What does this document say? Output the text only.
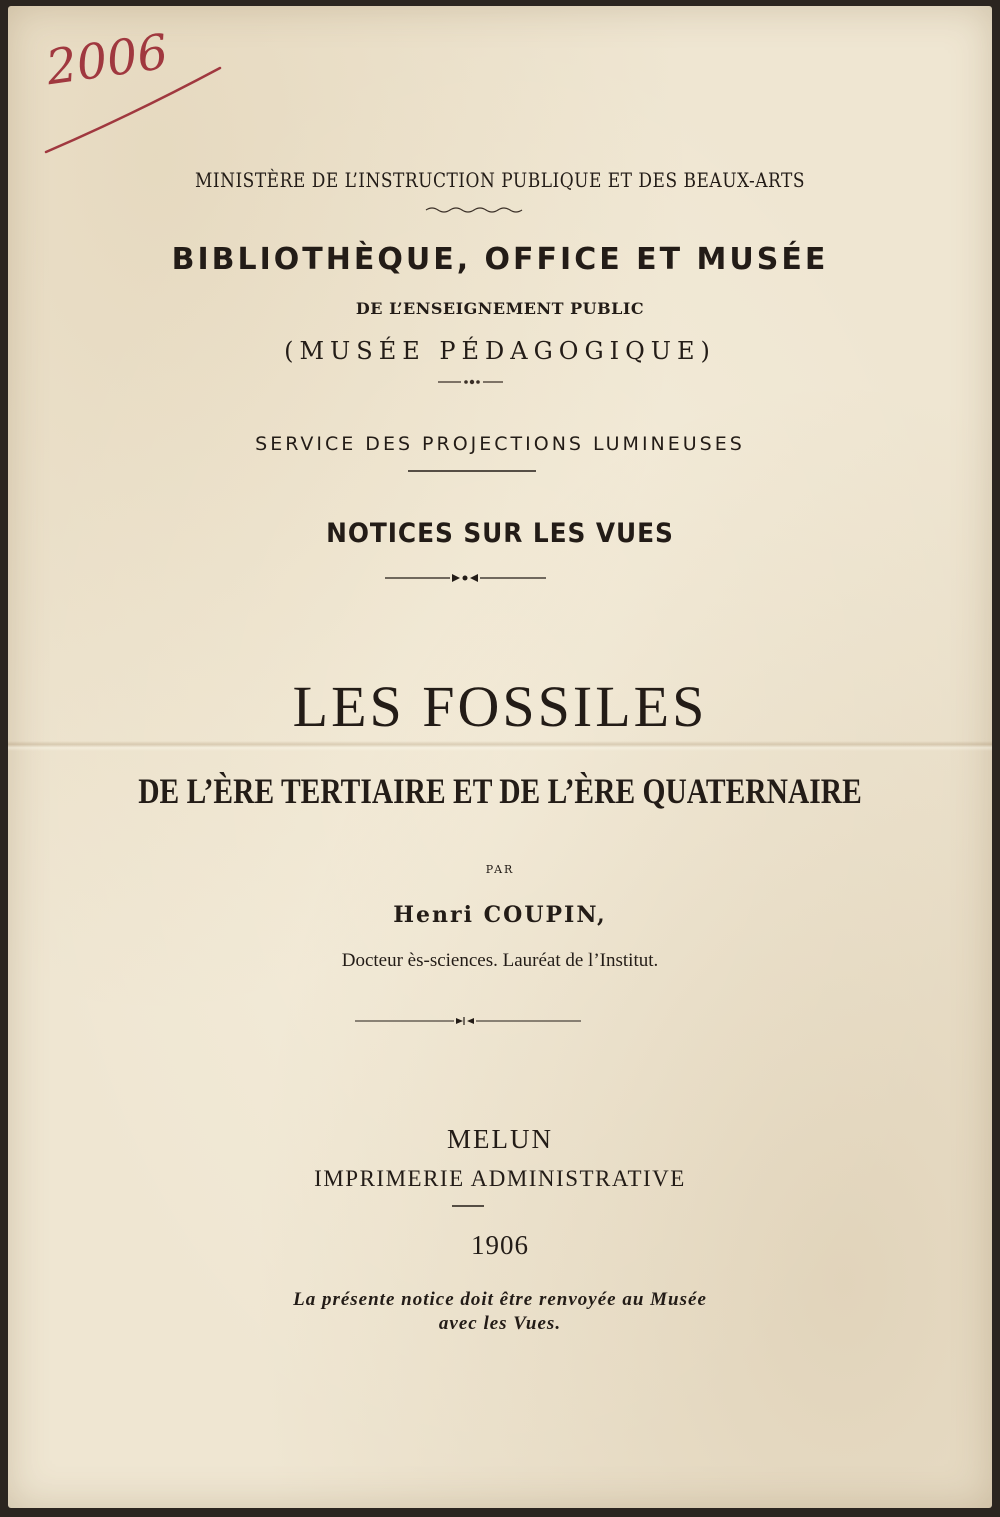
2006
MINISTÈRE DE L’INSTRUCTION PUBLIQUE ET DES BEAUX-ARTS
BIBLIOTHÈQUE, OFFICE ET MUSÉE
DE L’ENSEIGNEMENT PUBLIC
(MUSÉE PÉDAGOGIQUE)
SERVICE DES PROJECTIONS LUMINEUSES
NOTICES SUR LES VUES
LES FOSSILES
DE L’ÈRE TERTIAIRE ET DE L’ÈRE QUATERNAIRE
PAR
Henri COUPIN,
Docteur ès-sciences. Lauréat de l’Institut.
MELUN
IMPRIMERIE ADMINISTRATIVE
1906
La présente notice doit être renvoyée au Musée
avec les Vues.
